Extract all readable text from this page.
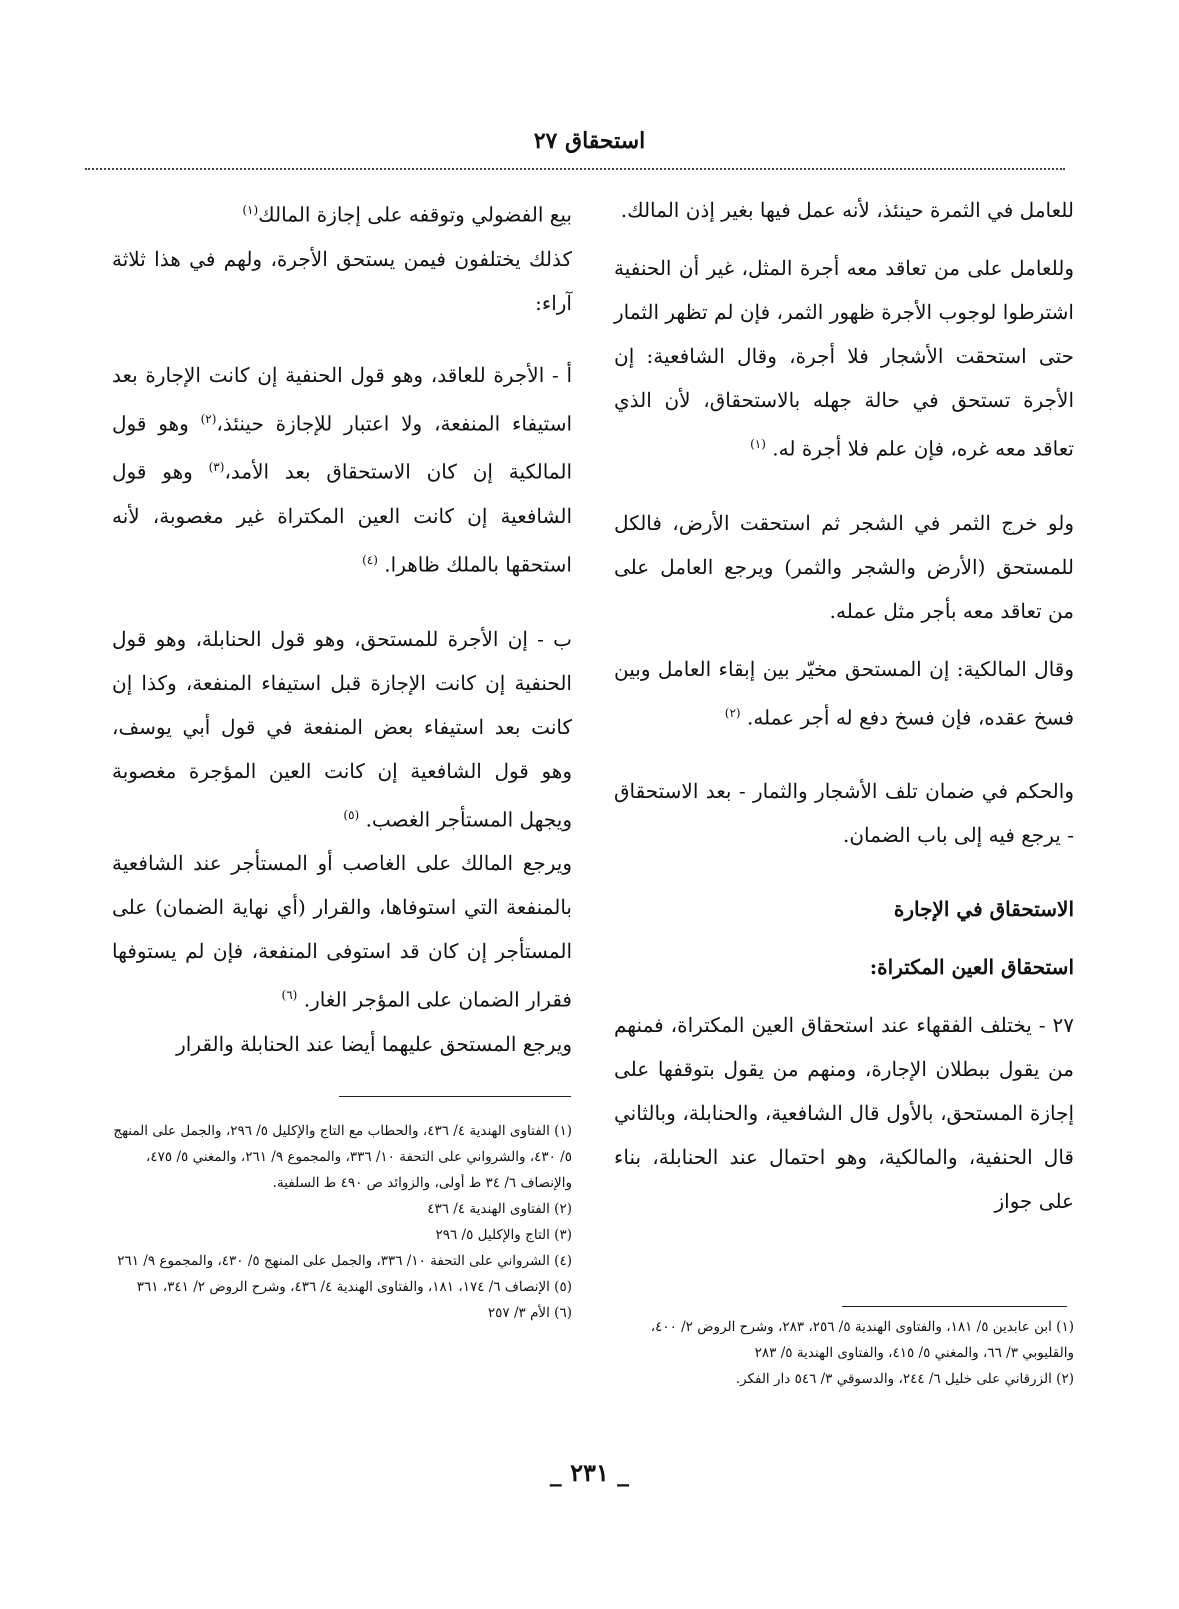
استحقاق ٢٧

للعامل في الثمرة حينئذ، لأنه عمل فيها بغير إذن المالك.

وللعامل على من تعاقد معه أجرة المثل، غير أن الحنفية اشترطوا لوجوب الأجرة ظهور الثمر، فإن لم تظهر الثمار حتى استحقت الأشجار فلا أجرة، وقال الشافعية: إن الأجرة تستحق في حالة جهله بالاستحقاق، لأن الذي تعاقد معه غره، فإن علم فلا أجرة له. $^{(١)}$

ولو خرج الثمر في الشجر ثم استحقت الأرض، فالكل للمستحق (الأرض والشجر والثمر) ويرجع العامل على من تعاقد معه بأجر مثل عمله.

وقال المالكية: إن المستحق مخيّر بين إبقاء العامل وبين فسخ عقده، فإن فسخ دفع له أجر عمله. $^{(٢)}$

والحكم في ضمان تلف الأشجار والثمار - بعد الاستحقاق - يرجع فيه إلى باب الضمان.

الاستحقاق في الإجارة

استحقاق العين المكتراة:

٢٧ - يختلف الفقهاء عند استحقاق العين المكتراة، فمنهم من يقول ببطلان الإجارة، ومنهم من يقول بتوقفها على إجازة المستحق، بالأول قال الشافعية، والحنابلة، وبالثاني قال الحنفية، والمالكية، وهو احتمال عند الحنابلة، بناء على جواز

بيع الفضولي وتوقفه على إجازة المالك$^{(١)}$

كذلك يختلفون فيمن يستحق الأجرة، ولهم في هذا ثلاثة آراء:

أ - الأجرة للعاقد، وهو قول الحنفية إن كانت الإجارة بعد استيفاء المنفعة، ولا اعتبار للإجازة حينئذ،$^{(٢)}$ وهو قول المالكية إن كان الاستحقاق بعد الأمد،$^{(٣)}$ وهو قول الشافعية إن كانت العين المكتراة غير مغصوبة، لأنه استحقها بالملك ظاهرا. $^{(٤)}$

ب - إن الأجرة للمستحق، وهو قول الحنابلة، وهو قول الحنفية إن كانت الإجازة قبل استيفاء المنفعة، وكذا إن كانت بعد استيفاء بعض المنفعة في قول أبي يوسف، وهو قول الشافعية إن كانت العين المؤجرة مغصوبة ويجهل المستأجر الغصب. $^{(٥)}$

ويرجع المالك على الغاصب أو المستأجر عند الشافعية بالمنفعة التي استوفاها، والقرار (أي نهاية الضمان) على المستأجر إن كان قد استوفى المنفعة، فإن لم يستوفها فقرار الضمان على المؤجر الغار. $^{(٦)}$

ويرجع المستحق عليهما أيضا عند الحنابلة والقرار

(١) الفتاوى الهندية ٤/ ٤٣٦، والحطاب مع التاج والإكليل ٥/ ٢٩٦، والجمل على المنهج ٥/ ٤٣٠، والشرواني على التحفة ١٠/ ٣٣٦، والمجموع ٩/ ٢٦١، والمغني ٥/ ٤٧٥، والإنصاف ٦/ ٣٤ ط أولى، والزوائد ص ٤٩٠ ط السلفية.
(٢) الفتاوى الهندية ٤/ ٤٣٦
(٣) التاج والإكليل ٥/ ٢٩٦
(٤) الشرواني على التحفة ١٠/ ٣٣٦، والجمل على المنهج ٥/ ٤٣٠، والمجموع ٩/ ٢٦١
(٥) الإنصاف ٦/ ١٧٤، ١٨١، والفتاوى الهندية ٤/ ٤٣٦، وشرح الروض ٢/ ٣٤١، ٣٦١
(٦) الأم ٣/ ٢٥٧
(١) ابن عابدين ٥/ ١٨١، والفتاوى الهندية ٥/ ٢٥٦، ٢٨٣، وشرح الروض ٢/ ٤٠٠، والقليوبي ٣/ ٦٦، والمغني ٥/ ٤١٥، والفتاوى الهندية ٥/ ٢٨٣
(٢) الزرقاني على خليل ٦/ ٢٤٤، والدسوقي ٣/ ٥٤٦ دار الفكر.
_ ٢٣١ _
